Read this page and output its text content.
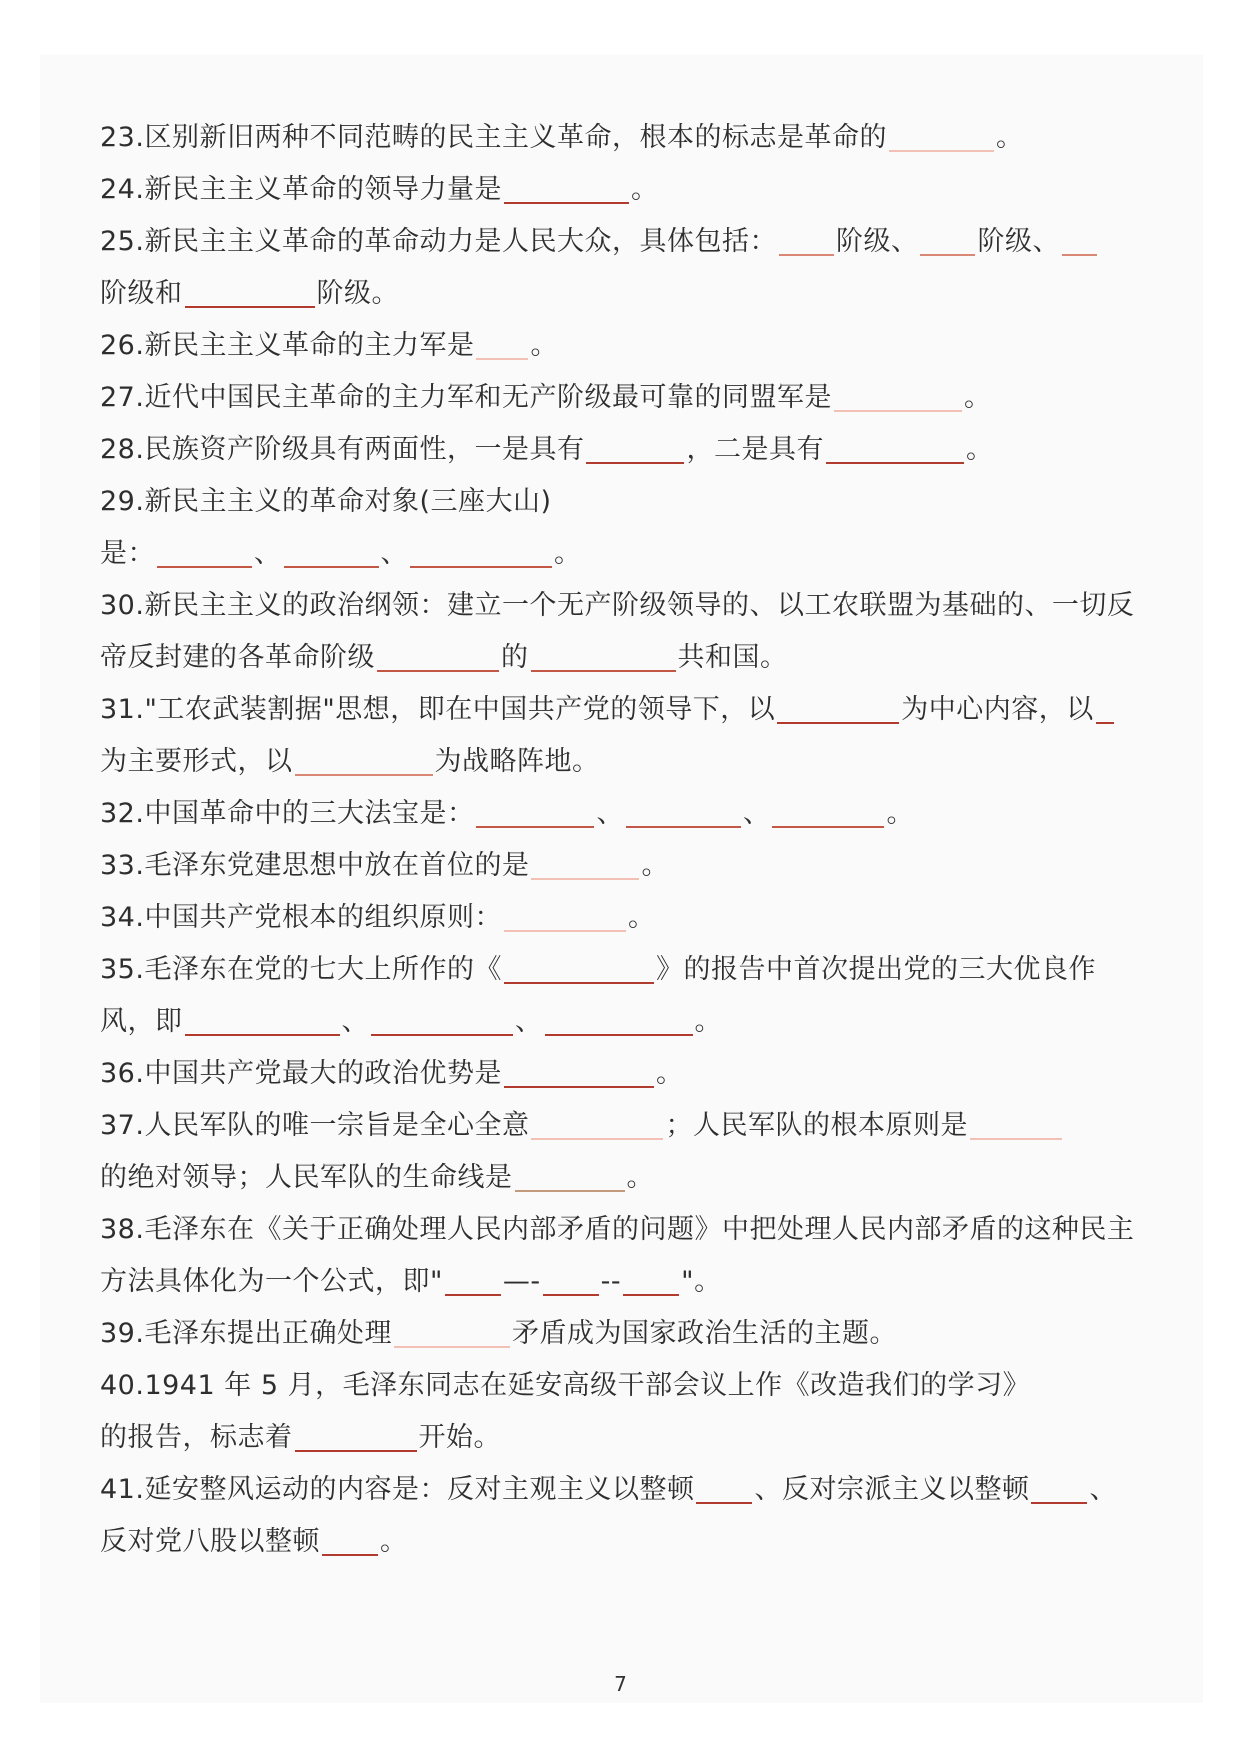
23.区别新旧两种不同范畴的民主主义革命，根本的标志是革命的	。
24.新民主主义革命的领导力量是	。
25.新民主主义革命的革命动力是人民大众，具体包括： 阶级、 阶级、
阶级和	阶级。
26.新民主主义革命的主力军是 。
27.近代中国民主革命的主力军和无产阶级最可靠的同盟军是	。
28.民族资产阶级具有两面性，一是具有	，二是具有	。
29.新民主主义的革命对象(三座大山)
是：	、	、	。
30.新民主主义的政治纲领：建立一个无产阶级领导的、以工农联盟为基础的、一切反
帝反封建的各革命阶级	的	共和国。
31."工农武装割据"思想，即在中国共产党的领导下，以	为中心内容，以
为主要形式，以	为战略阵地。
32.中国革命中的三大法宝是：	、	、	。
33.毛泽东党建思想中放在首位的是	。
34.中国共产党根本的组织原则：	。
35.毛泽东在党的七大上所作的《	》的报告中首次提出党的三大优良作
风，即	、	、	。
36.中国共产党最大的政治优势是	。
37.人民军队的唯一宗旨是全心全意	；人民军队的根本原则是
的绝对领导；人民军队的生命线是	。
38.毛泽东在《关于正确处理人民内部矛盾的问题》中把处理人民内部矛盾的这种民主
方法具体化为一个公式，即" —- -- "。
39.毛泽东提出正确处理	矛盾成为国家政治生活的主题。
40.1941 年 5 月，毛泽东同志在延安高级干部会议上作《改造我们的学习》
的报告，标志着	开始。
41.延安整风运动的内容是：反对主观主义以整顿 、反对宗派主义以整顿 、
反对党八股以整顿 。
7
